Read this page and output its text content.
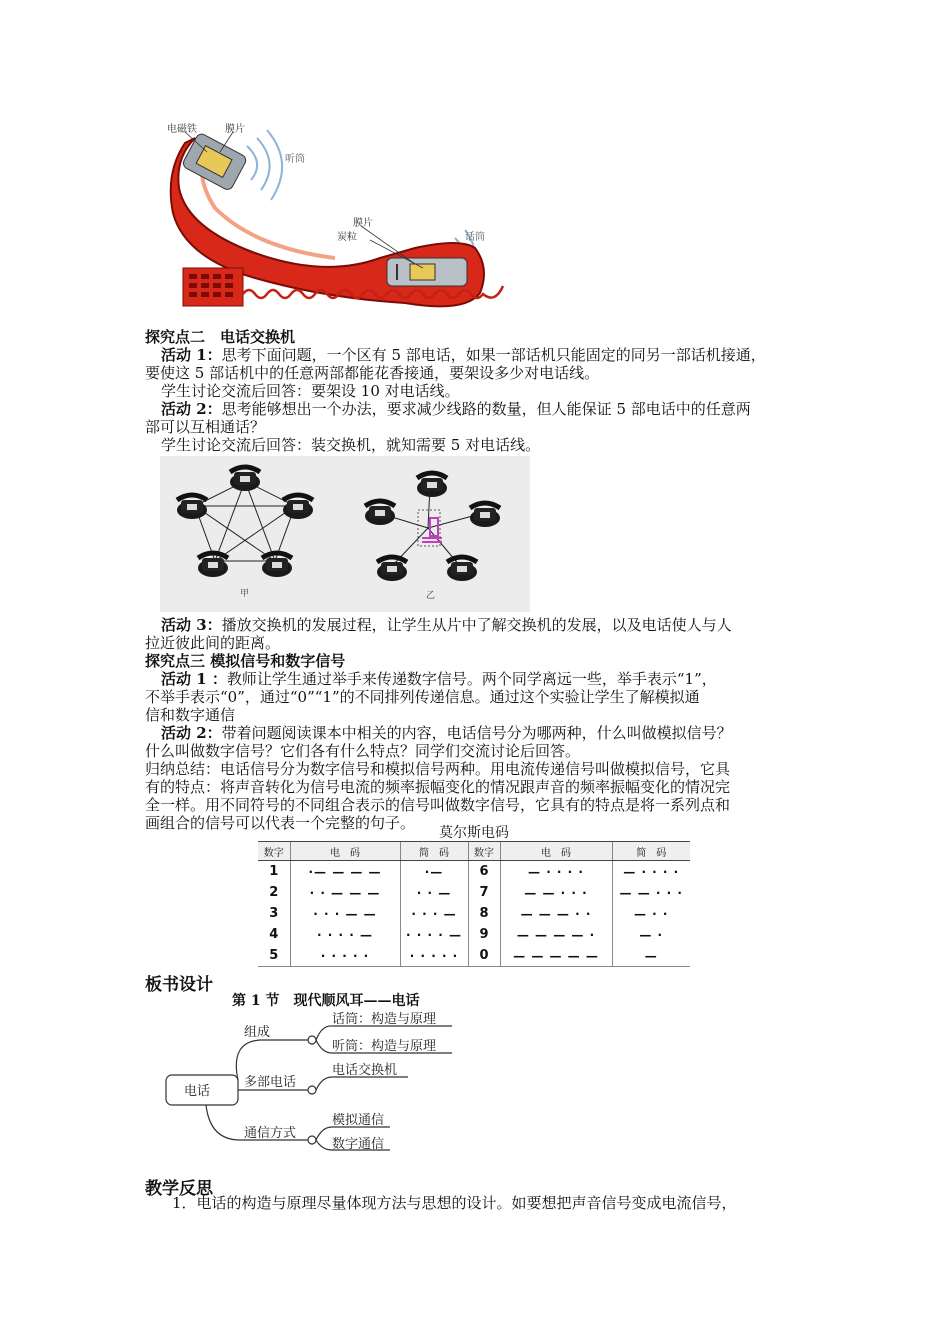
电磁铁	膜片
听筒
膜片
炭粒	话筒
探究点二　电话交换机
活动 1：思考下面问题，一个区有 5 部电话，如果一部话机只能固定的同另一部话机接通，
要使这 5 部话机中的任意两部都能花香接通，要架设多少对电话线。
学生讨论交流后回答：要架设 10 对电话线。
活动 2：思考能够想出一个办法，要求减少线路的数量，但人能保证 5 部电话中的任意两
部可以互相通话？
学生讨论交流后回答：装交换机，就知需要 5 对电话线。
甲	乙
活动 3：播放交换机的发展过程，让学生从片中了解交换机的发展，以及电话使人与人
拉近彼此间的距离。
探究点三 模拟信号和数字信号
活动 1 ：教师让学生通过举手来传递数字信号。两个同学离远一些，举手表示“1”，
不举手表示“0”，通过“0”“1”的不同排列传递信息。通过这个实验让学生了解模拟通
信和数字通信
活动 2：带着问题阅读课本中相关的内容，电话信号分为哪两种，什么叫做模拟信号？
什么叫做数字信号？它们各有什么特点？同学们交流讨论后回答。
归纳总结：电话信号分为数字信号和模拟信号两种。用电流传递信号叫做模拟信号，它具
有的特点：将声音转化为信号电流的频率振幅变化的情况跟声音的频率振幅变化的情况完
全一样。用不同符号的不同组合表示的信号叫做数字信号，它具有的特点是将一系列点和
画组合的信号可以代表一个完整的句子。
莫尔斯电码
数字	电　码	简　码	数字	电　码	简　码
1	·— — — —	·—	6	— · · · ·	— · · · ·
2	· · — — —	· · —	7	— — · · ·	— — · · ·
3	· · · — —	· · · —	8	— — — · ·	— · ·
4	· · · · —	· · · · —	9	— — — — ·	— ·
5	· · · · ·	· · · · ·	0	— — — — —	—
板书设计
第 1 节　现代顺风耳——电话
电话
组成
话筒：构造与原理
听筒：构造与原理
多部电话
电话交换机
通信方式
模拟通信
数字通信
教学反思
1．电话的构造与原理尽量体现方法与思想的设计。如要想把声音信号变成电流信号，
